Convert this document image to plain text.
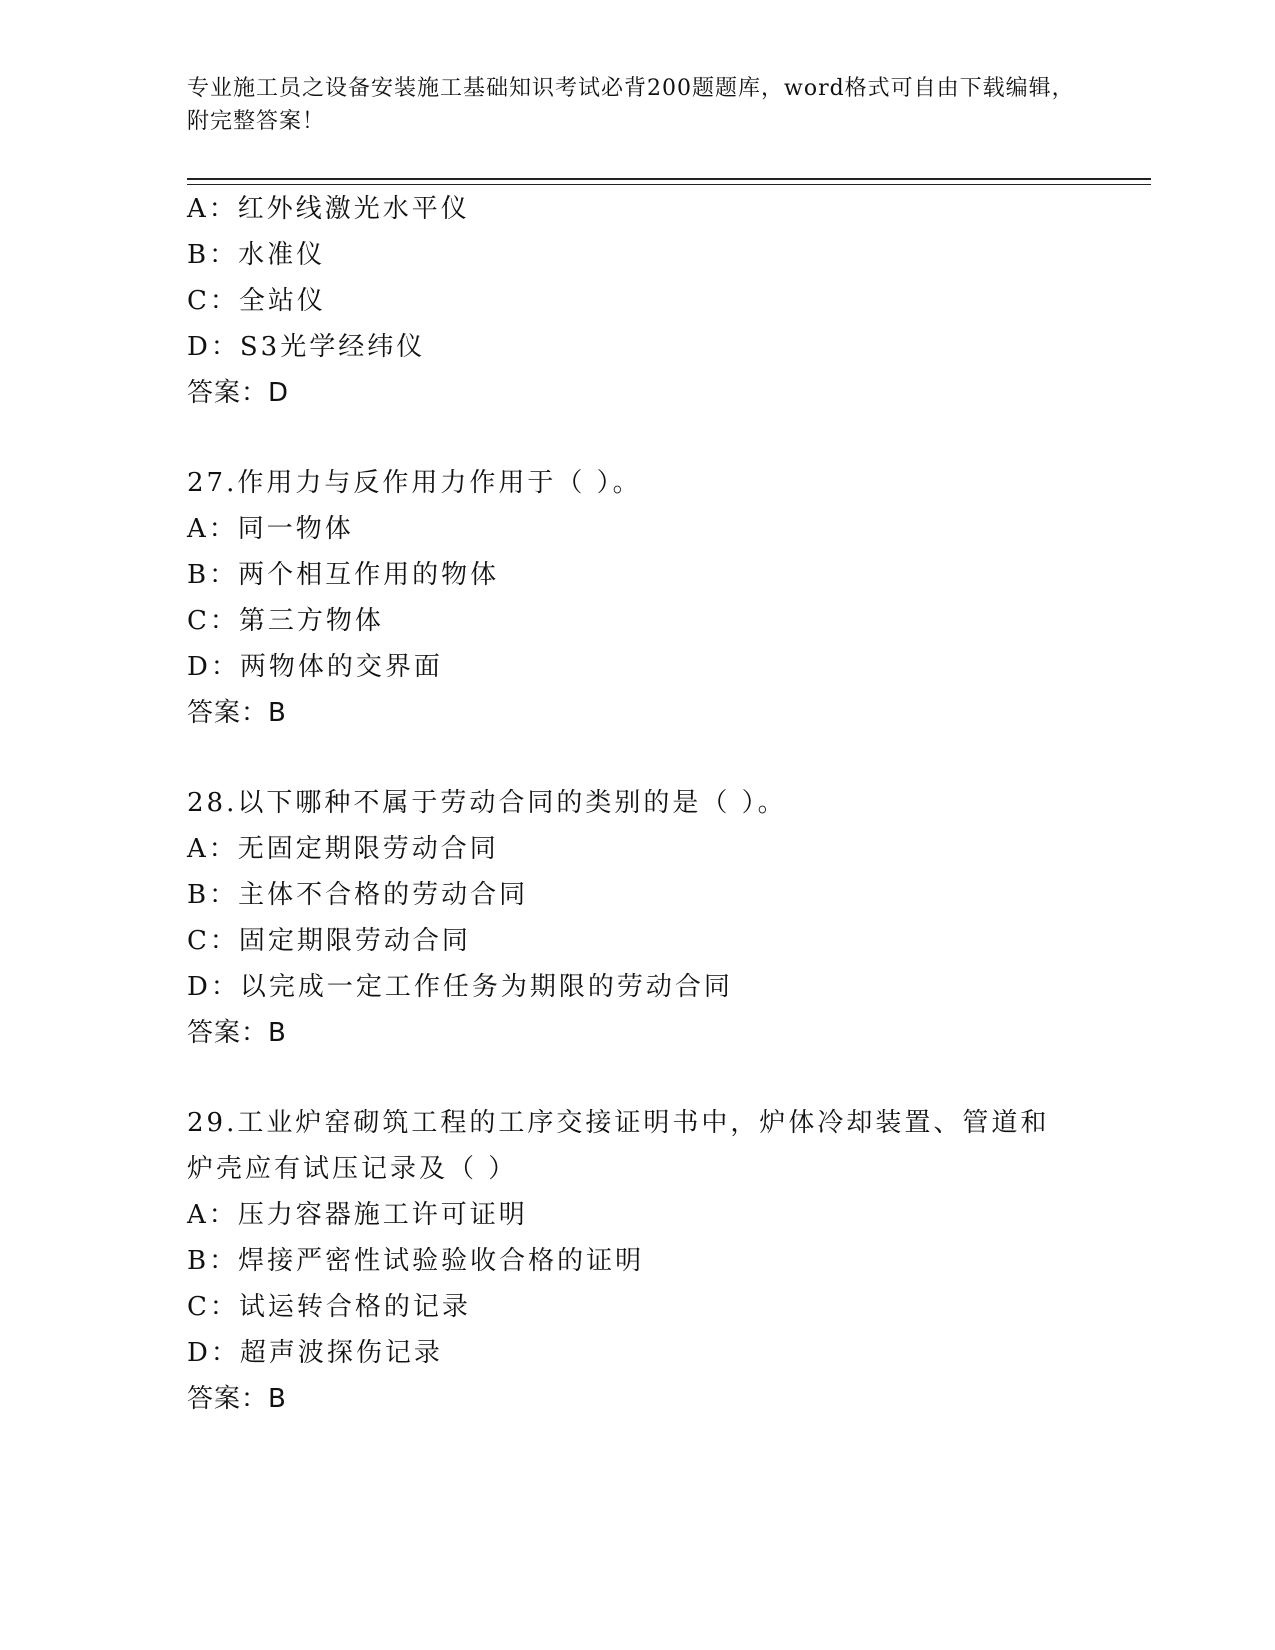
专业施工员之设备安装施工基础知识考试必背200题题库，word格式可自由下载编辑，附完整答案！
A：红外线激光水平仪
B：水准仪
C：全站仪
D：S3光学经纬仪
答案：D
27.作用力与反作用力作用于（ ）。
A：同一物体
B：两个相互作用的物体
C：第三方物体
D：两物体的交界面
答案：B
28.以下哪种不属于劳动合同的类别的是（ ）。
A：无固定期限劳动合同
B：主体不合格的劳动合同
C：固定期限劳动合同
D：以完成一定工作任务为期限的劳动合同
答案：B
29.工业炉窑砌筑工程的工序交接证明书中，炉体冷却装置、管道和炉壳应有试压记录及（ ）
A：压力容器施工许可证明
B：焊接严密性试验验收合格的证明
C：试运转合格的记录
D：超声波探伤记录
答案：B
